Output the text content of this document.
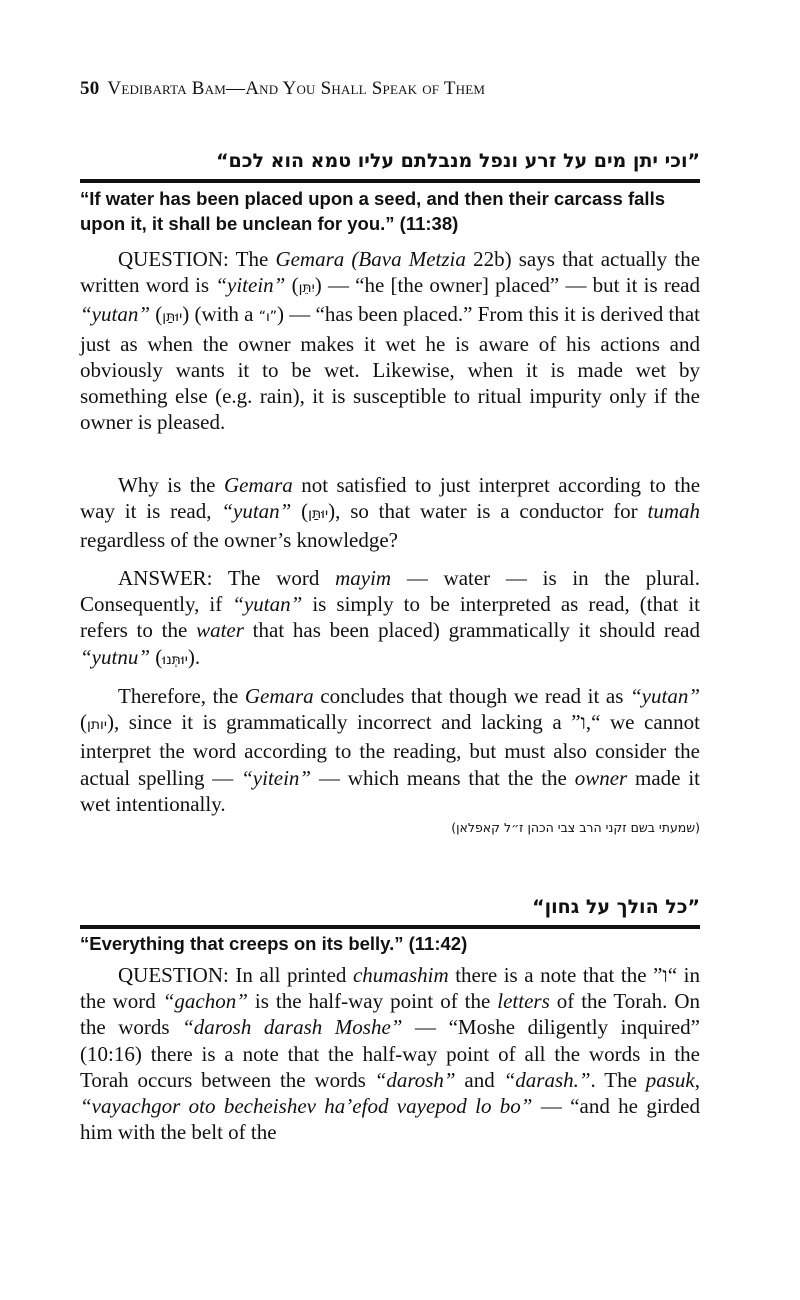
50 Vedibarta Bam—And You Shall Speak of Them
”וכי יתן מים על זרע ונפל מנבלתם עליו טמא הוא לכם“
“If water has been placed upon a seed, and then their carcass falls upon it, it shall be unclean for you.” (11:38)

QUESTION: The Gemara (Bava Metzia 22b) says that actually the written word is “yitein” (יִתֵּן) — “he [the owner] placed” — but it is read “yutan” (יוּתַּן) (with a ”ו“) — “has been placed.” From this it is derived that just as when the owner makes it wet he is aware of his actions and obviously wants it to be wet. Likewise, when it is made wet by something else (e.g. rain), it is susceptible to ritual impurity only if the owner is pleased.

Why is the Gemara not satisfied to just interpret according to the way it is read, “yutan” (יוּתַּן), so that water is a conductor for tumah regardless of the owner’s knowledge?

ANSWER: The word mayim — water — is in the plural. Consequently, if “yutan” is simply to be interpreted as read, (that it refers to the water that has been placed) grammatically it should read “yutnu” (יוּתְּנוּ).

Therefore, the Gemara concludes that though we read it as “yutan” (יותן), since it is grammatically incorrect and lacking a ”ו,“ we cannot interpret the word according to the reading, but must also consider the actual spelling — “yitein” — which means that the the owner made it wet intentionally.

(שמעתי בשם זקני הרב צבי הכהן ז״ל קאפלאן)
”כל הולך על גחון“
“Everything that creeps on its belly.” (11:42)

QUESTION: In all printed chumashim there is a note that the ”ו“ in the word “gachon” is the half-way point of the letters of the Torah. On the words “darosh darash Moshe” — “Moshe diligently inquired” (10:16) there is a note that the half-way point of all the words in the Torah occurs between the words “darosh” and “darash.”. The pasuk, “vayachgor oto becheishev ha’efod vayepod lo bo” — “and he girded him with the belt of the
